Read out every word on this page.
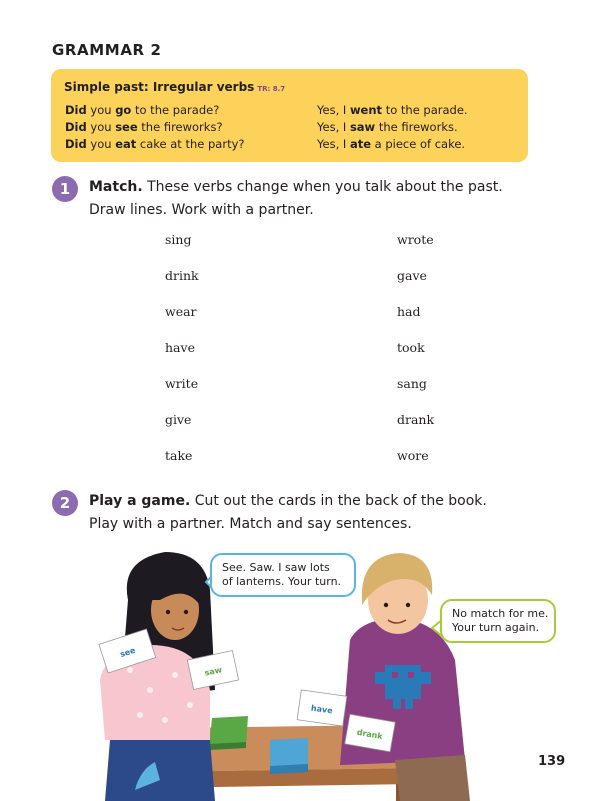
GRAMMAR 2
Simple past: Irregular verbs TR: 8.7
Did you go to the parade?	Yes, I went to the parade.
Did you see the fireworks?	Yes, I saw the fireworks.
Did you eat cake at the party?	Yes, I ate a piece of cake.
1	Match. These verbs change when you talk about the past.
Draw lines. Work with a partner.
sing
drink
wear
have
write
give
take
wrote
gave
had
took
sang
drank
wore
2	Play a game. Cut out the cards in the back of the book.
Play with a partner. Match and say sentences.
see
saw
have
drank
See. Saw. I saw lots
of lanterns. Your turn.
No match for me.
Your turn again.
139
